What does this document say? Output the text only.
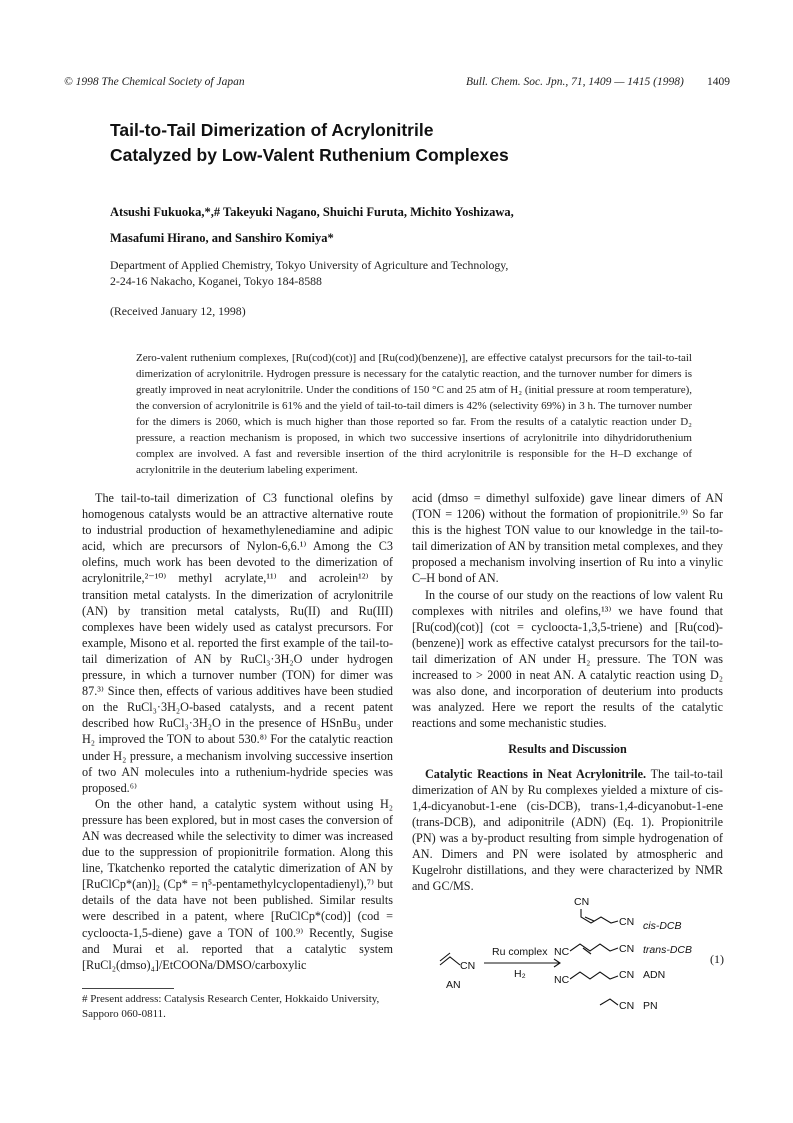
© 1998 The Chemical Society of Japan	Bull. Chem. Soc. Jpn., 71, 1409 — 1415 (1998) 1409
Tail-to-Tail Dimerization of Acrylonitrile
Catalyzed by Low-Valent Ruthenium Complexes
Atsushi Fukuoka,*,# Takeyuki Nagano, Shuichi Furuta, Michito Yoshizawa,
Masafumi Hirano, and Sanshiro Komiya*
Department of Applied Chemistry, Tokyo University of Agriculture and Technology,
2-24-16 Nakacho, Koganei, Tokyo 184-8588
(Received January 12, 1998)
Zero-valent ruthenium complexes, [Ru(cod)(cot)] and [Ru(cod)(benzene)], are effective catalyst precursors for the tail-to-tail dimerization of acrylonitrile. Hydrogen pressure is necessary for the catalytic reaction, and the turnover number for dimers is greatly improved in neat acrylonitrile. Under the conditions of 150 °C and 25 atm of H₂ (initial pressure at room temperature), the conversion of acrylonitrile is 61% and the yield of tail-to-tail dimers is 42% (selectivity 69%) in 3 h. The turnover number for the dimers is 2060, which is much higher than those reported so far. From the results of a catalytic reaction under D₂ pressure, a reaction mechanism is proposed, in which two successive insertions of acrylonitrile into dihydridoruthenium complex are involved. A fast and reversible insertion of the third acrylonitrile is responsible for the H–D exchange of acrylonitrile in the deuterium labeling experiment.

The tail-to-tail dimerization of C3 functional olefins by homogenous catalysts would be an attractive alternative route to industrial production of hexamethylenediamine and adipic acid, which are precursors of Nylon-6,6.¹⁾ Among the C3 olefins, much work has been devoted to the dimerization of acrylonitrile,²⁻¹⁰⁾ methyl acrylate,¹¹⁾ and acrolein¹²⁾ by transition metal catalysts. In the dimerization of acrylonitrile (AN) by transition metal catalysts, Ru(II) and Ru(III) complexes have been widely used as catalyst precursors. For example, Misono et al. reported the first example of the tail-to-tail dimerization of AN by RuCl₃·3H₂O under hydrogen pressure, in which a turnover number (TON) for dimer was 87.³⁾ Since then, effects of various additives have been studied on the RuCl₃·3H₂O-based catalysts, and a recent patent described how RuCl₃·3H₂O in the presence of HSnBu₃ under H₂ improved the TON to about 530.⁸⁾ For the catalytic reaction under H₂ pressure, a mechanism involving successive insertion of two AN molecules into a ruthenium-hydride species was proposed.⁶⁾

On the other hand, a catalytic system without using H₂ pressure has been explored, but in most cases the conversion of AN was decreased while the selectivity to dimer was increased due to the suppression of propionitrile formation. Along this line, Tkatchenko reported the catalytic dimerization of AN by [RuClCp*(an)]₂ (Cp* = η⁵-pentamethylcyclopentadienyl),⁷⁾ but details of the data have not been published. Similar results were described in a patent, where [RuClCp*(cod)] (cod = cycloocta-1,5-diene) gave a TON of 100.⁹⁾ Recently, Sugise and Murai et al. reported that a catalytic system [RuCl₂(dmso)₄]/EtCOONa/DMSO/carboxylic

acid (dmso = dimethyl sulfoxide) gave linear dimers of AN (TON = 1206) without the formation of propionitrile.⁹⁾ So far this is the highest TON value to our knowledge in the tail-to-tail dimerization of AN by transition metal complexes, and they proposed a mechanism involving insertion of Ru into a vinylic C–H bond of AN.

In the course of our study on the reactions of low valent Ru complexes with nitriles and olefins,¹³⁾ we have found that [Ru(cod)(cot)] (cot = cycloocta-1,3,5-triene) and [Ru(cod)-(benzene)] work as effective catalyst precursors for the tail-to-tail dimerization of AN under H₂ pressure. The TON was increased to > 2000 in neat AN. A catalytic reaction using D₂ was also done, and incorporation of deuterium into products was analyzed. Here we report the results of the catalytic reactions and some mechanistic studies.

Results and Discussion

Catalytic Reactions in Neat Acrylonitrile. The tail-to-tail dimerization of AN by Ru complexes yielded a mixture of cis-1,4-dicyanobut-1-ene (cis-DCB), trans-1,4-dicyanobut-1-ene (trans-DCB), and adiponitrile (ADN) (Eq. 1). Propionitrile (PN) was a by-product resulting from simple hydrogenation of AN. Dimers and PN were isolated by atmospheric and Kugelrohr distillations, and they were characterized by NMR and GC/MS.

CN
AN
Ru complex
H₂
CN
CN cis-DCB
NC	CN trans-DCB
NC	CN ADN
CN PN
(1)
# Present address: Catalysis Research Center, Hokkaido University,
Sapporo 060-0811.
